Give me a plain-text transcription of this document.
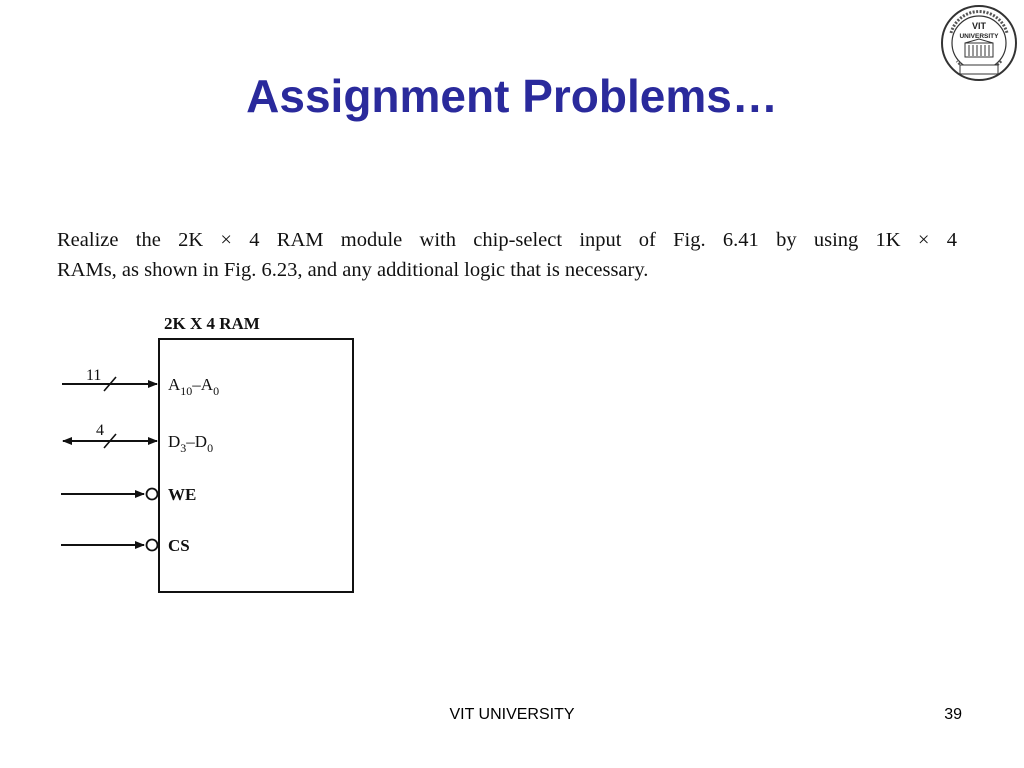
Assignment Problems…
VIT
UNIVERSITY
Realize the 2K × 4 RAM module with chip-select input of Fig. 6.41 by using 1K × 4
RAMs, as shown in Fig. 6.23, and any additional logic that is necessary.
2K X 4 RAM
11	$A_{10}-A_0$
4
$D_3-D_0$
WE
CS
VIT UNIVERSITY	39
